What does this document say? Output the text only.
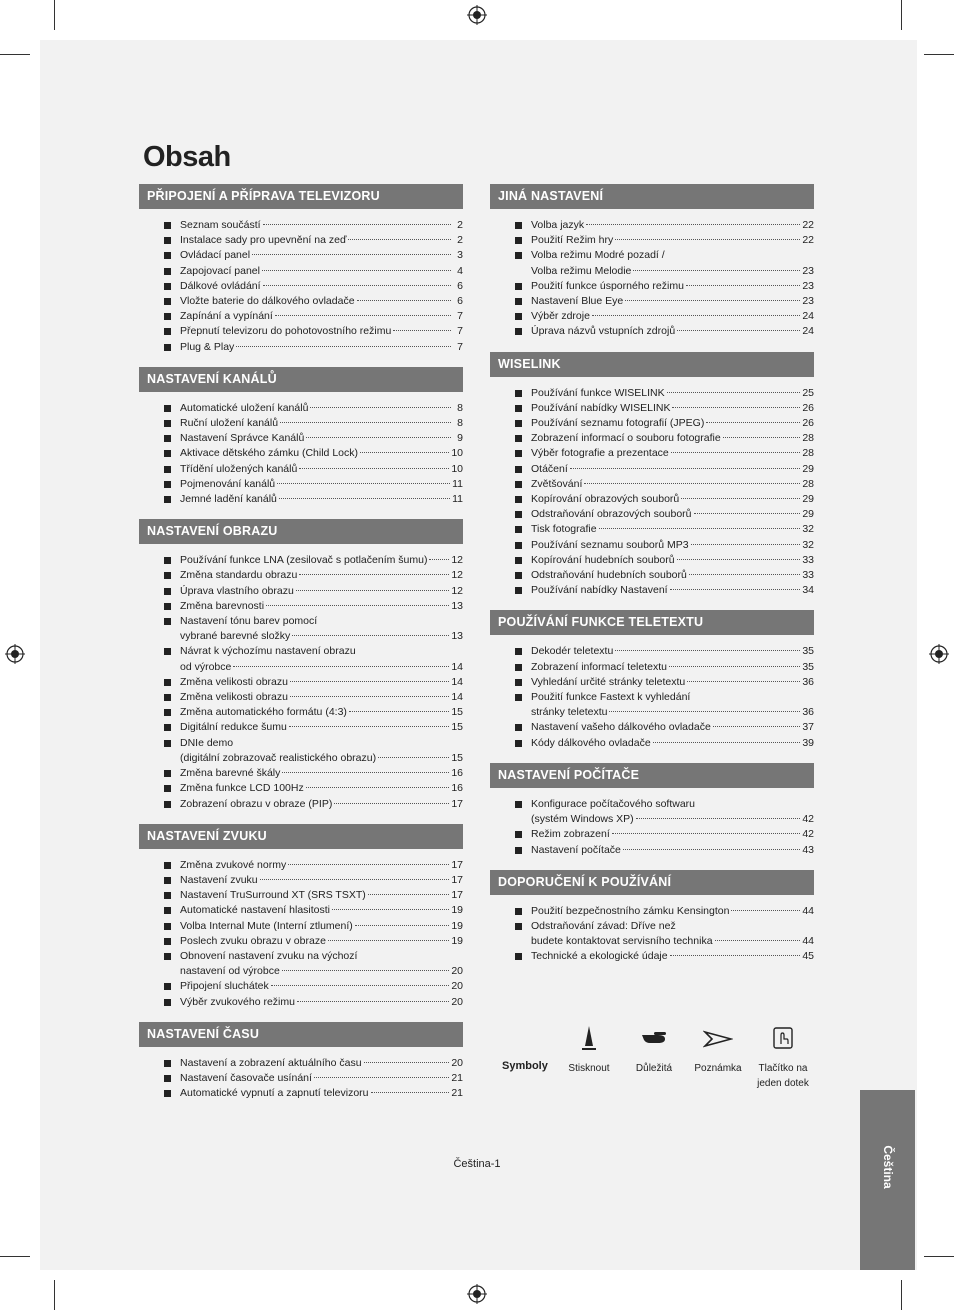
Obsah
PŘIPOJENÍ A PŘÍPRAVA TELEVIZORU
Seznam součástí	2
Instalace sady pro upevnění na zeď	2
Ovládací panel	3
Zapojovací panel	4
Dálkové ovládání	6
Vložte baterie do dálkového ovladače	6
Zapínání a vypínání	7
Přepnutí televizoru do pohotovostního režimu	7
Plug & Play	7
NASTAVENÍ KANÁLŮ
Automatické uložení kanálů	8
Ruční uložení kanálů	8
Nastavení Správce Kanálů	9
Aktivace dětského zámku (Child Lock)	10
Třídění uložených kanálů	10
Pojmenování kanálů	11
Jemné ladění kanálů	11
NASTAVENÍ OBRAZU
Používání funkce LNA (zesilovač s potlačením šumu) 12
Změna standardu obrazu	12
Úprava vlastního obrazu	12
Změna barevnosti	13
Nastavení tónu barev pomocí
vybrané barevné složky	13
Návrat k výchozímu nastavení obrazu
od výrobce	14
Změna velikosti obrazu	14
Změna velikosti obrazu	14
Změna automatického formátu (4:3)	15
Digitální redukce šumu	15
DNIe demo
(digitální zobrazovač realistického obrazu)	15
Změna barevné škály	16
Změna funkce LCD 100Hz	16
Zobrazení obrazu v obraze (PIP)	17
NASTAVENÍ ZVUKU
Změna zvukové normy	17
Nastavení zvuku	17
Nastavení TruSurround XT (SRS TSXT)	17
Automatické nastavení hlasitosti	19
Volba Internal Mute (Interní ztlumení)	19
Poslech zvuku obrazu v obraze	19
Obnovení nastavení zvuku na výchozí
nastavení od výrobce	20
Připojení sluchátek	20
Výběr zvukového režimu	20
NASTAVENÍ ČASU
Nastavení a zobrazení aktuálního času	20
Nastavení časovače usínání	21
Automatické vypnutí a zapnutí televizoru	21
JINÁ NASTAVENÍ
Volba jazyk	22
Použití Režim hry	22
Volba režimu Modré pozadí /
Volba režimu Melodie	23
Použití funkce úsporného režimu	23
Nastavení Blue Eye	23
Výběr zdroje	24
Úprava názvů vstupních zdrojů	24
WISELINK
Používání funkce WISELINK	25
Používání nabídky WISELINK	26
Používání seznamu fotografií (JPEG)	26
Zobrazení informací o souboru fotografie	28
Výběr fotografie a prezentace	28
Otáčení	29
Zvětšování	28
Kopírování obrazových souborů	29
Odstraňování obrazových souborů	29
Tisk fotografie	32
Používání seznamu souborů MP3	32
Kopírování hudebních souborů	33
Odstraňování hudebních souborů	33
Používání nabídky Nastavení	34
POUŽÍVÁNÍ FUNKCE TELETEXTU
Dekodér teletextu	35
Zobrazení informací teletextu	35
Vyhledání určité stránky teletextu	36
Použití funkce Fastext k vyhledání
stránky teletextu	36
Nastavení vašeho dálkového ovladače	37
Kódy dálkového ovladače	39
NASTAVENÍ POČÍTAČE
Konfigurace počítačového softwaru
(systém Windows XP)	42
Režim zobrazení	42
Nastavení počítače	43
DOPORUČENÍ K POUŽÍVÁNÍ
Použití bezpečnostního zámku Kensington	44
Odstraňování závad: Dříve než
budete kontaktovat servisního technika	44
Technické a ekologické údaje	45
Symboly	Stisknout	Důležitá	Poznámka	Tlačítko na
jeden dotek
Čeština
Čeština-1
